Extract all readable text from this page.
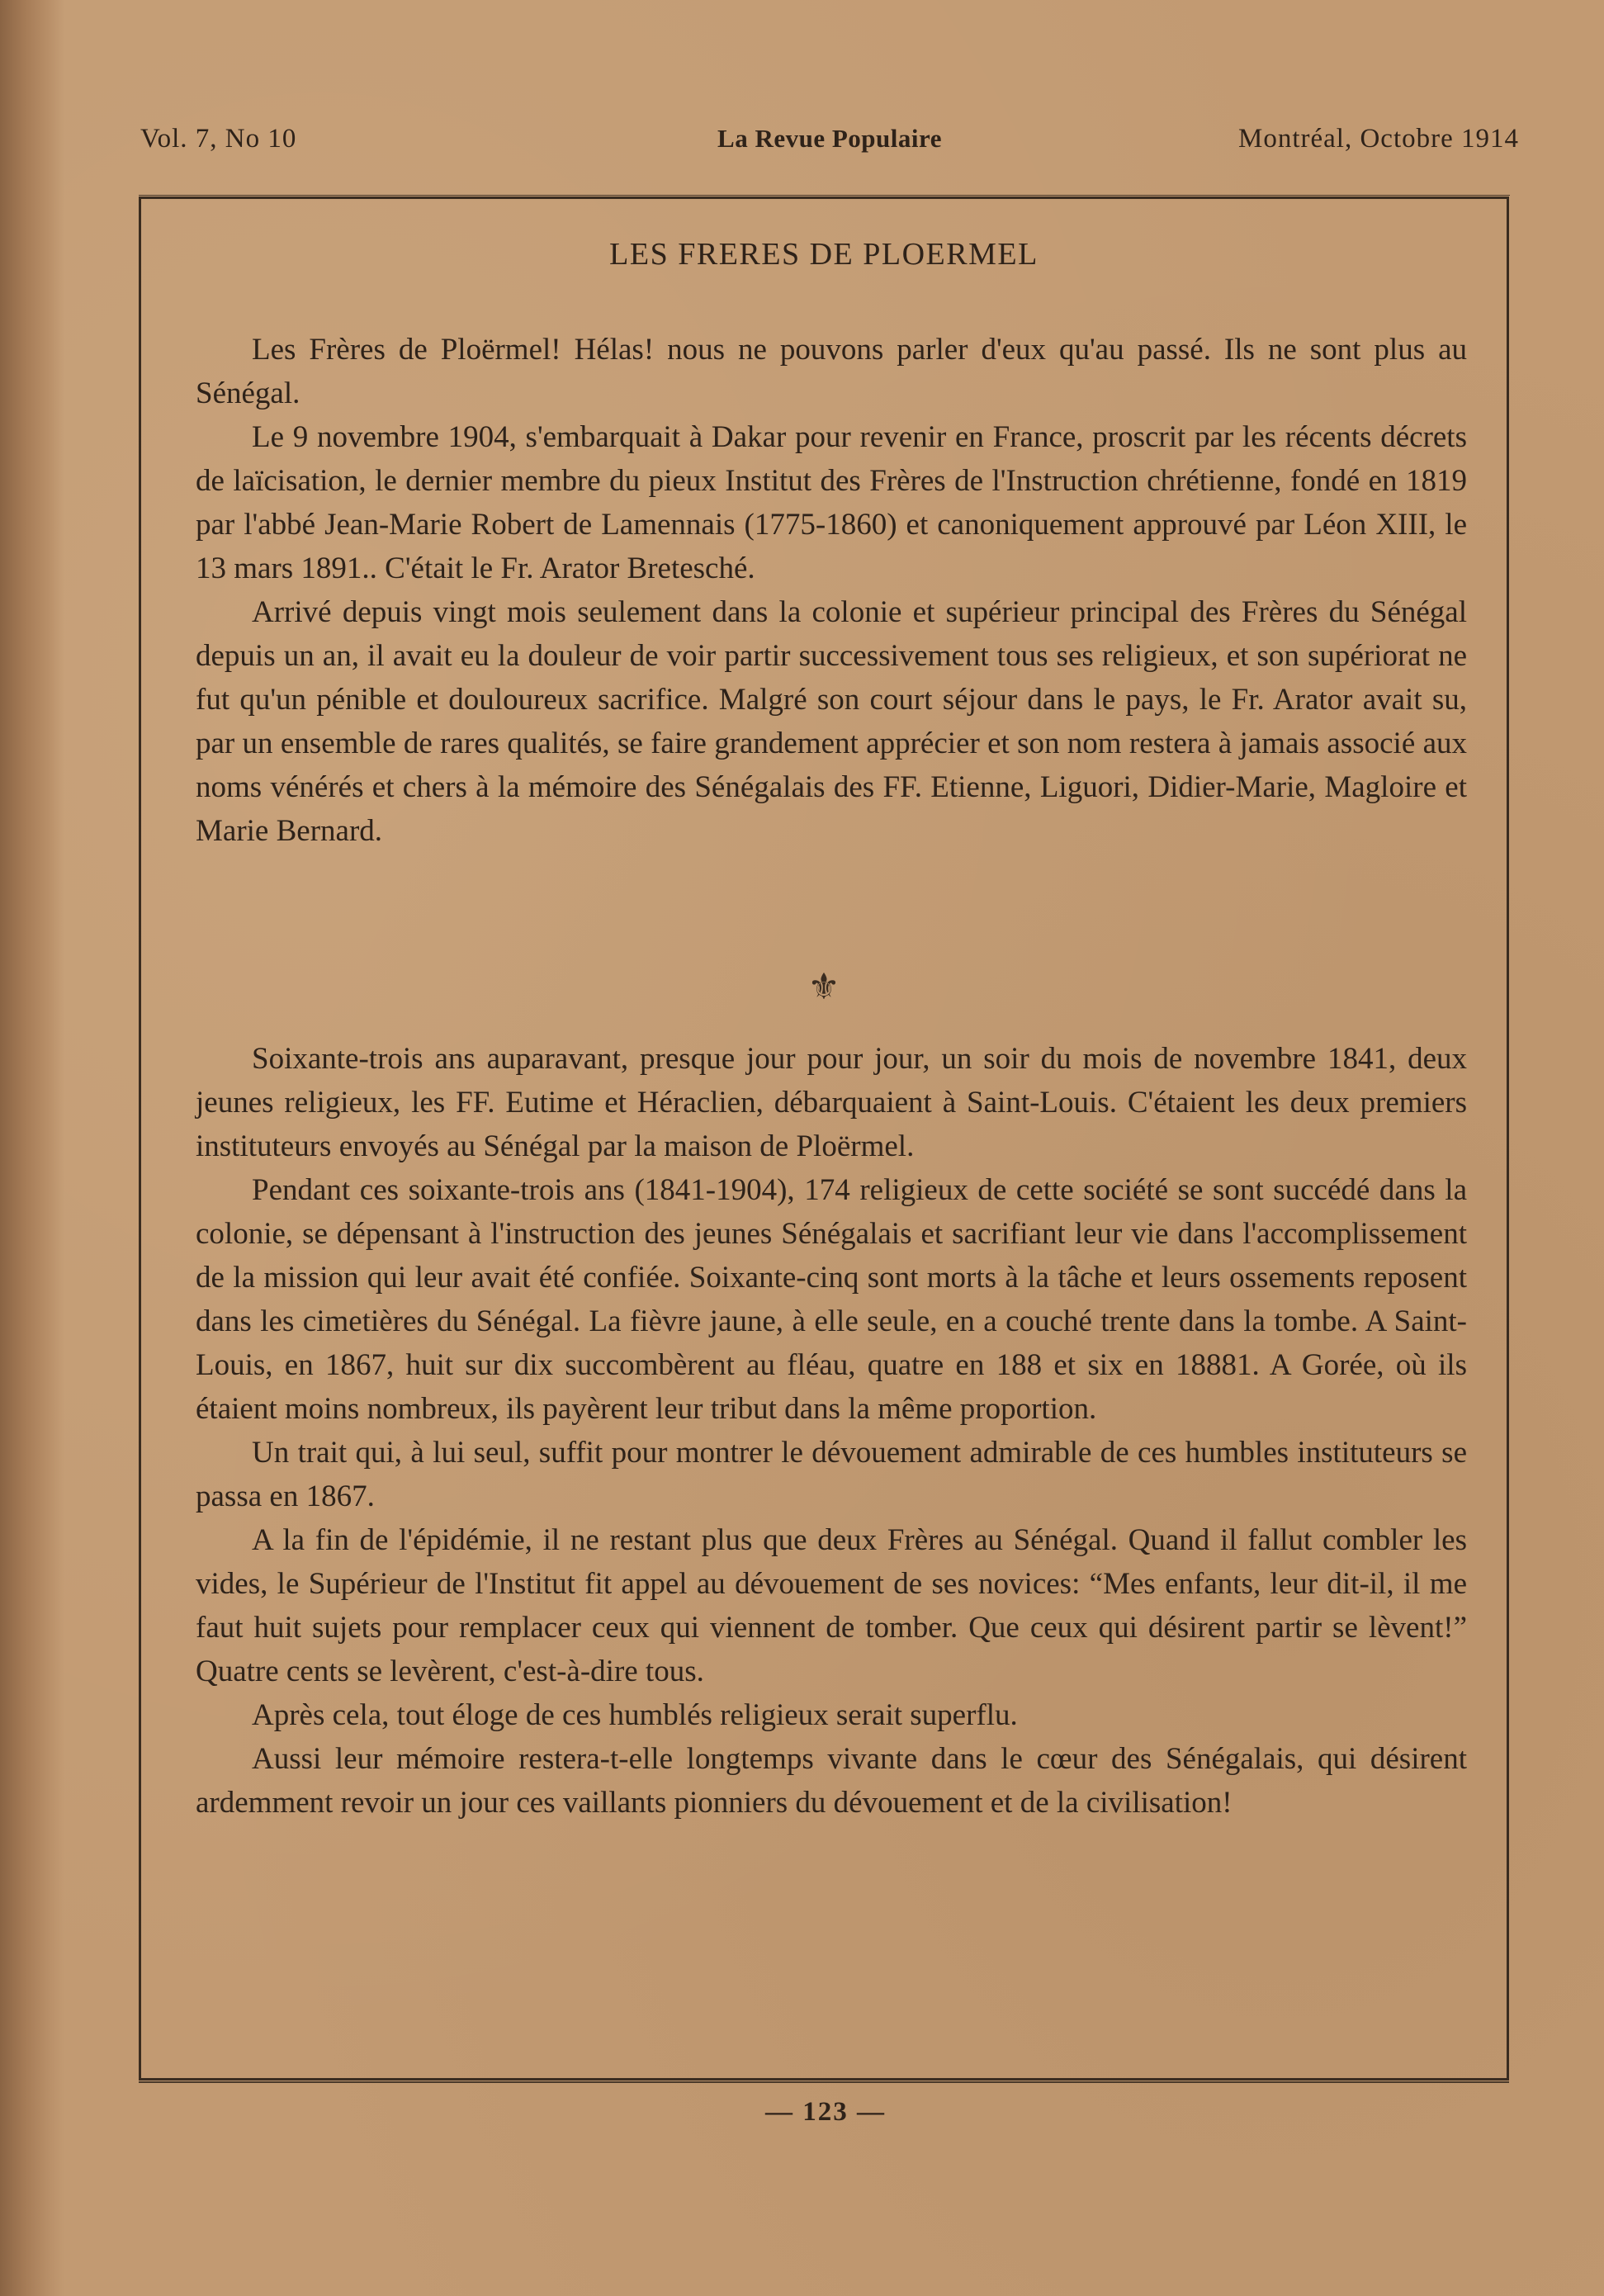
Vol. 7, No 10	La Revue Populaire	Montréal, Octobre 1914
LES FRERES DE PLOERMEL

Les Frères de Ploërmel! Hélas! nous ne pouvons parler d'eux qu'au passé. Ils ne sont plus au Sénégal.

Le 9 novembre 1904, s'embarquait à Dakar pour revenir en France, proscrit par les récents décrets de laïcisation, le dernier membre du pieux Institut des Frères de l'Instruction chrétienne, fondé en 1819 par l'abbé Jean-Marie Robert de Lamennais (1775-1860) et canoniquement approuvé par Léon XIII, le 13 mars 1891.. C'était le Fr. Arator Bretesché.

Arrivé depuis vingt mois seulement dans la colonie et supérieur principal des Frères du Sénégal depuis un an, il avait eu la douleur de voir partir successivement tous ses religieux, et son supériorat ne fut qu'un pénible et douloureux sacrifice. Malgré son court séjour dans le pays, le Fr. Arator avait su, par un ensemble de rares qualités, se faire grandement apprécier et son nom restera à jamais associé aux noms vénérés et chers à la mémoire des Sénégalais des FF. Etienne, Liguori, Didier-Marie, Magloire et Marie Bernard.

⚜

Soixante-trois ans auparavant, presque jour pour jour, un soir du mois de novembre 1841, deux jeunes religieux, les FF. Eutime et Héraclien, débarquaient à Saint-Louis. C'étaient les deux premiers instituteurs envoyés au Sénégal par la maison de Ploërmel.

Pendant ces soixante-trois ans (1841-1904), 174 religieux de cette société se sont succédé dans la colonie, se dépensant à l'instruction des jeunes Sénégalais et sacrifiant leur vie dans l'accomplissement de la mission qui leur avait été confiée. Soixante-cinq sont morts à la tâche et leurs ossements reposent dans les cimetières du Sénégal. La fièvre jaune, à elle seule, en a couché trente dans la tombe. A Saint-Louis, en 1867, huit sur dix succombèrent au fléau, quatre en 188 et six en 18881. A Gorée, où ils étaient moins nombreux, ils payèrent leur tribut dans la même proportion.

Un trait qui, à lui seul, suffit pour montrer le dévouement admirable de ces humbles instituteurs se passa en 1867.

A la fin de l'épidémie, il ne restant plus que deux Frères au Sénégal. Quand il fallut combler les vides, le Supérieur de l'Institut fit appel au dévouement de ses novices: “Mes enfants, leur dit-il, il me faut huit sujets pour remplacer ceux qui viennent de tomber. Que ceux qui désirent partir se lèvent!” Quatre cents se levèrent, c'est-à-dire tous.

Après cela, tout éloge de ces humblés religieux serait superflu.

Aussi leur mémoire restera-t-elle longtemps vivante dans le cœur des Sénégalais, qui désirent ardemment revoir un jour ces vaillants pionniers du dévouement et de la civilisation!

— 123 —
